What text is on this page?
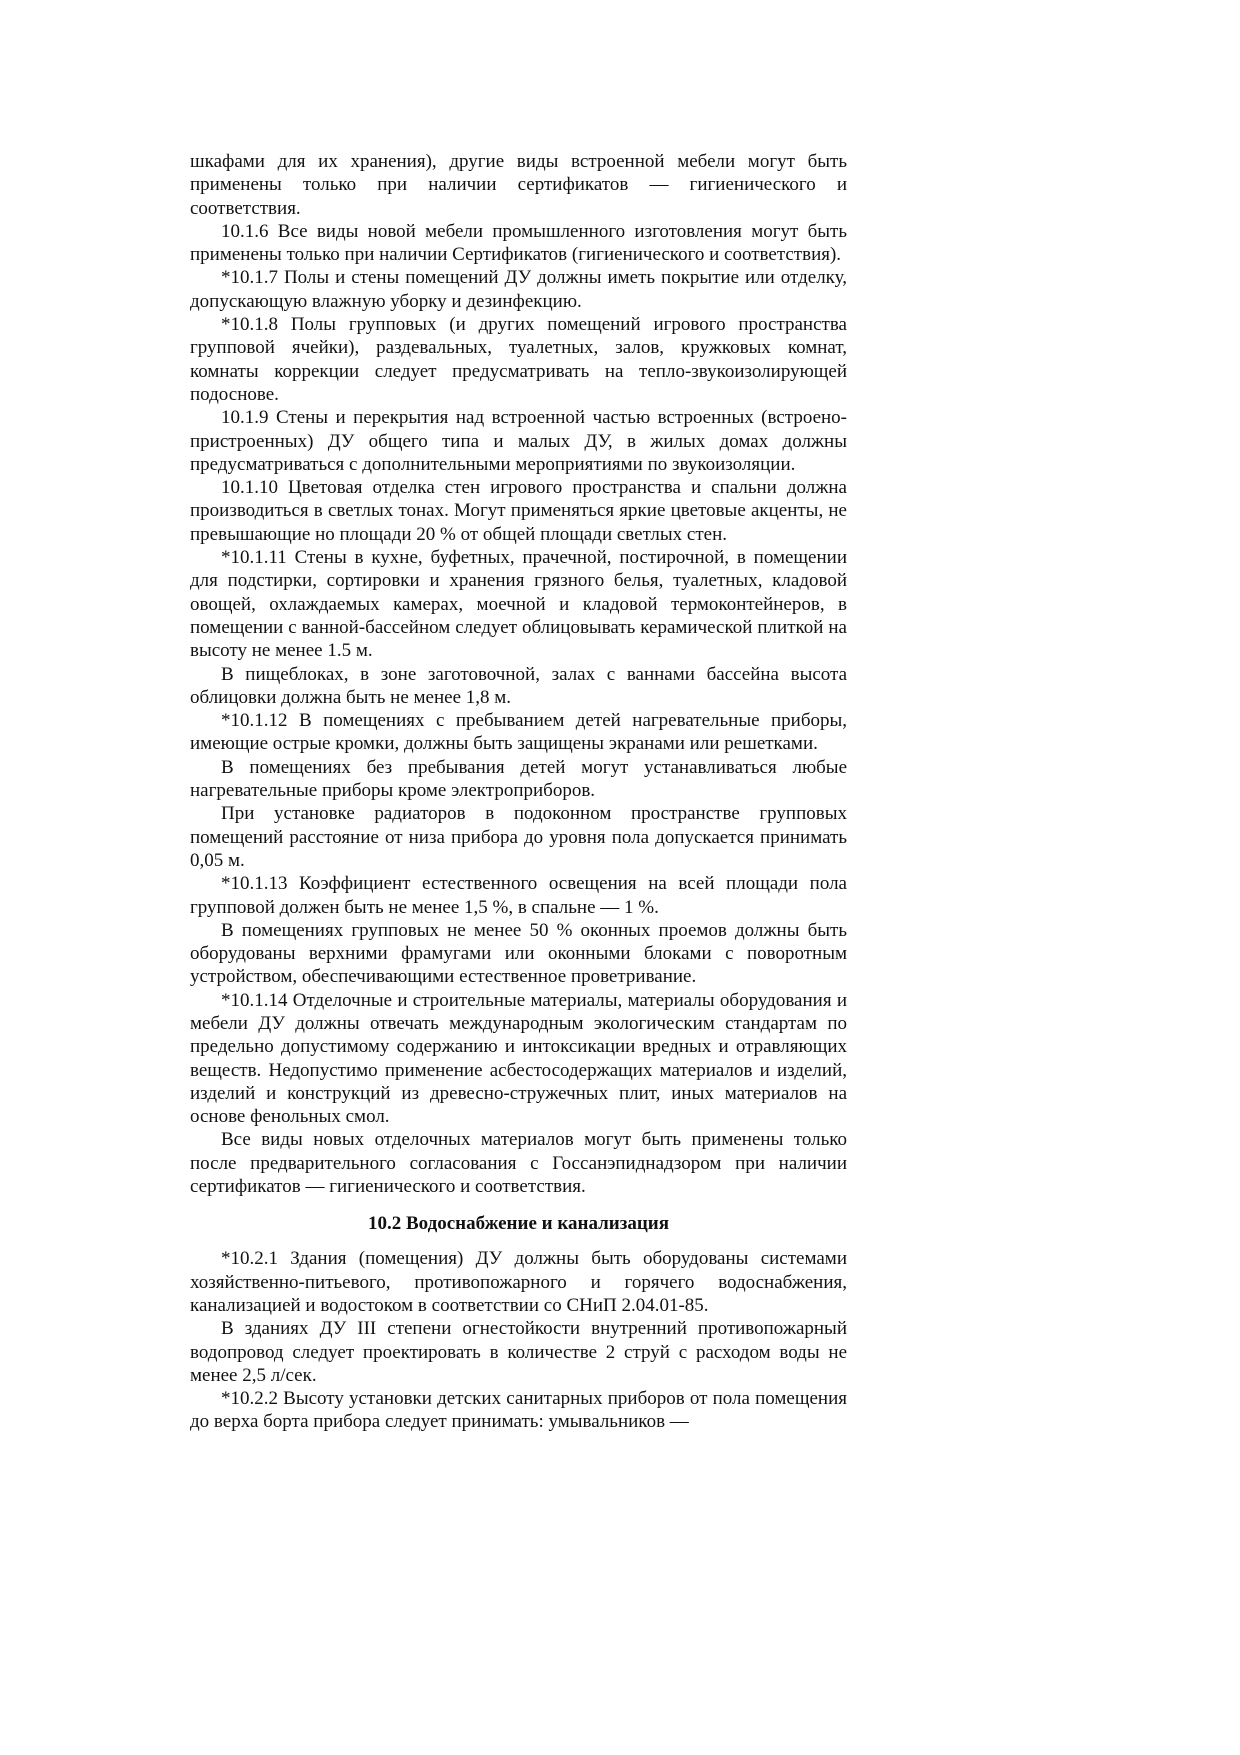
шкафами для их хранения), другие виды встроенной мебели могут быть применены только при наличии сертификатов — гигиенического и соответствия.

10.1.6 Все виды новой мебели промышленного изготовления могут быть применены только при наличии Сертификатов (гигиенического и соответствия).

*10.1.7 Полы и стены помещений ДУ должны иметь покрытие или отделку, допускающую влажную уборку и дезинфекцию.

*10.1.8 Полы групповых (и других помещений игрового пространства групповой ячейки), раздевальных, туалетных, залов, кружковых комнат, комнаты коррекции следует предусматривать на тепло-звукоизолирующей подоснове.

10.1.9 Стены и перекрытия над встроенной частью встроенных (встроено-пристроенных) ДУ общего типа и малых ДУ, в жилых домах должны предусматриваться с дополнительными мероприятиями по звукоизоляции.

10.1.10 Цветовая отделка стен игрового пространства и спальни должна производиться в светлых тонах. Могут применяться яркие цветовые акценты, не превышающие но площади 20 % от общей площади светлых стен.

*10.1.11 Стены в кухне, буфетных, прачечной, постирочной, в помещении для подстирки, сортировки и хранения грязного белья, туалетных, кладовой овощей, охлаждаемых камерах, моечной и кладовой термоконтейнеров, в помещении с ванной-бассейном следует облицовывать керамической плиткой на высоту не менее 1.5 м.

В пищеблоках, в зоне заготовочной, залах с ваннами бассейна высота облицовки должна быть не менее 1,8 м.

*10.1.12 В помещениях с пребыванием детей нагревательные приборы, имеющие острые кромки, должны быть защищены экранами или решетками.

В помещениях без пребывания детей могут устанавливаться любые нагревательные приборы кроме электроприборов.

При установке радиаторов в подоконном пространстве групповых помещений расстояние от низа прибора до уровня пола допускается принимать 0,05 м.

*10.1.13 Коэффициент естественного освещения на всей площади пола групповой должен быть не менее 1,5 %, в спальне — 1 %.

В помещениях групповых не менее 50 % оконных проемов должны быть оборудованы верхними фрамугами или оконными блоками с поворотным устройством, обеспечивающими естественное проветривание.

*10.1.14 Отделочные и строительные материалы, материалы оборудования и мебели ДУ должны отвечать международным экологическим стандартам по предельно допустимому содержанию и интоксикации вредных и отравляющих веществ. Недопустимо применение асбестосодержащих материалов и изделий, изделий и конструкций из древесно-стружечных плит, иных материалов на основе фенольных смол.

Все виды новых отделочных материалов могут быть применены только после предварительного согласования с Госсанэпиднадзором при наличии сертификатов — гигиенического и соответствия.

10.2 Водоснабжение и канализация

*10.2.1 Здания (помещения) ДУ должны быть оборудованы системами хозяйственно-питьевого, противопожарного и горячего водоснабжения, канализацией и водостоком в соответствии со СНиП 2.04.01-85.

В зданиях ДУ III степени огнестойкости внутренний противопожарный водопровод следует проектировать в количестве 2 струй с расходом воды не менее 2,5 л/сек.

*10.2.2 Высоту установки детских санитарных приборов от пола помещения до верха борта прибора следует принимать: умывальников —
